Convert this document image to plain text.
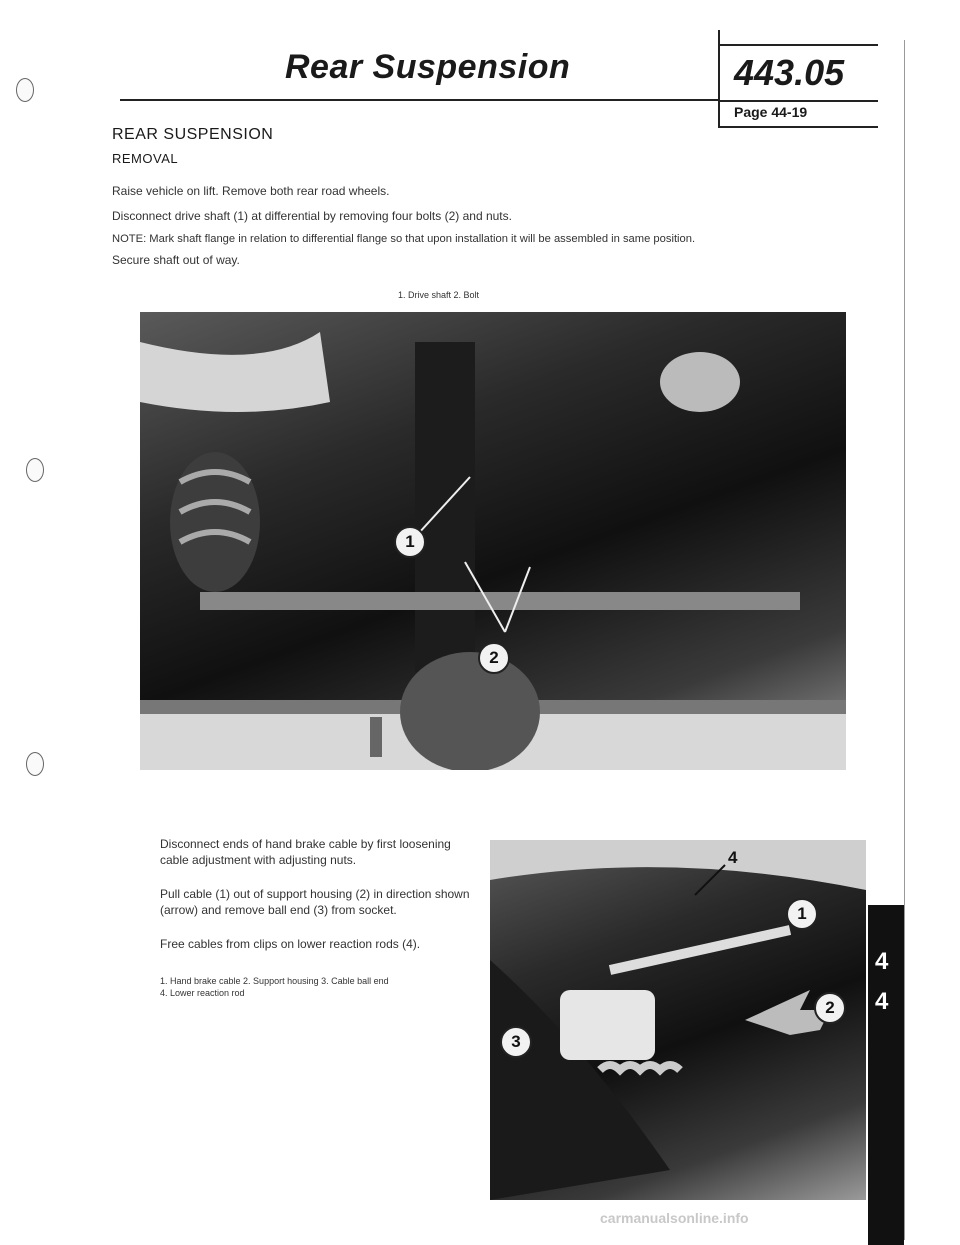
Rear Suspension	443.05
Page 44-19
REAR SUSPENSION
REMOVAL
Raise vehicle on lift. Remove both rear road wheels.
Disconnect drive shaft (1) at differential by removing four bolts (2) and nuts.
NOTE: Mark shaft flange in relation to differential flange so that upon installation it will be assembled in same position.
Secure shaft out of way.
1. Drive shaft 2. Bolt
1
2
Disconnect ends of hand brake cable by first loosening cable adjustment with adjusting nuts.
Pull cable (1) out of support housing (2) in direction shown (arrow) and remove ball end (3) from socket.
Free cables from clips on lower reaction rods (4).
1. Hand brake cable 2. Support housing 3. Cable ball end
4. Lower reaction rod
4
1
2
3
4
4
carmanualsonline.info
